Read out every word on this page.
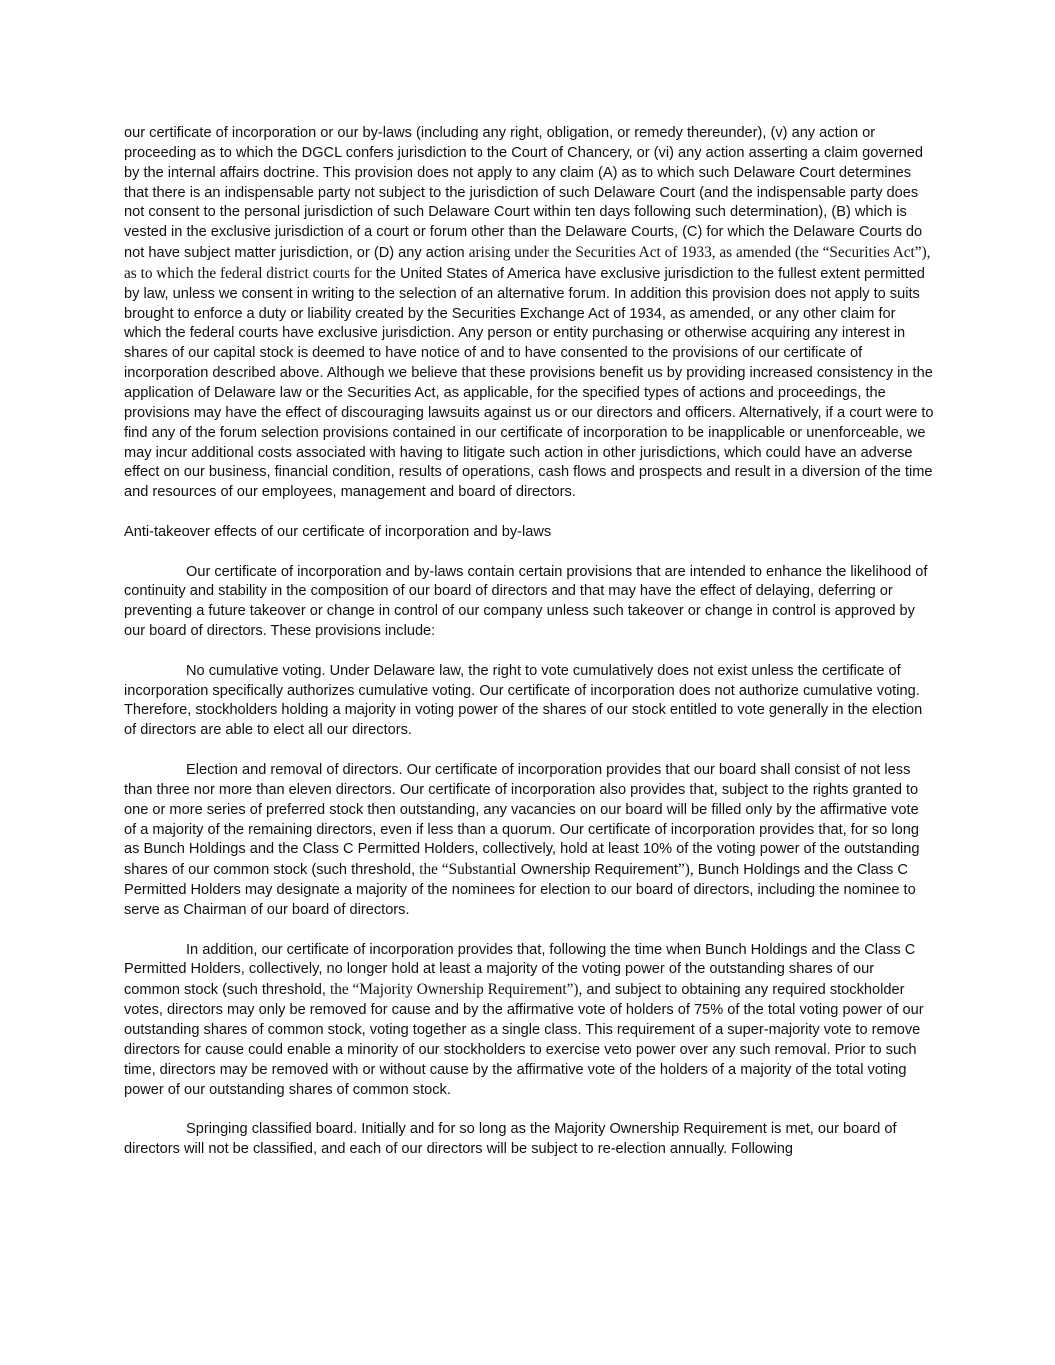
our certificate of incorporation or our by-laws (including any right, obligation, or remedy thereunder), (v) any action or proceeding as to which the DGCL confers jurisdiction to the Court of Chancery, or (vi) any action asserting a claim governed by the internal affairs doctrine. This provision does not apply to any claim (A) as to which such Delaware Court determines that there is an indispensable party not subject to the jurisdiction of such Delaware Court (and the indispensable party does not consent to the personal jurisdiction of such Delaware Court within ten days following such determination), (B) which is vested in the exclusive jurisdiction of a court or forum other than the Delaware Courts, (C) for which the Delaware Courts do not have subject matter jurisdiction, or (D) any action arising under the Securities Act of 1933, as amended (the “Securities Act”), as to which the federal district courts for the United States of America have exclusive jurisdiction to the fullest extent permitted by law, unless we consent in writing to the selection of an alternative forum. In addition this provision does not apply to suits brought to enforce a duty or liability created by the Securities Exchange Act of 1934, as amended, or any other claim for which the federal courts have exclusive jurisdiction. Any person or entity purchasing or otherwise acquiring any interest in shares of our capital stock is deemed to have notice of and to have consented to the provisions of our certificate of incorporation described above. Although we believe that these provisions benefit us by providing increased consistency in the application of Delaware law or the Securities Act, as applicable, for the specified types of actions and proceedings, the provisions may have the effect of discouraging lawsuits against us or our directors and officers. Alternatively, if a court were to find any of the forum selection provisions contained in our certificate of incorporation to be inapplicable or unenforceable, we may incur additional costs associated with having to litigate such action in other jurisdictions, which could have an adverse effect on our business, financial condition, results of operations, cash flows and prospects and result in a diversion of the time and resources of our employees, management and board of directors.

Anti-takeover effects of our certificate of incorporation and by-laws

Our certificate of incorporation and by-laws contain certain provisions that are intended to enhance the likelihood of continuity and stability in the composition of our board of directors and that may have the effect of delaying, deferring or preventing a future takeover or change in control of our company unless such takeover or change in control is approved by our board of directors. These provisions include:

No cumulative voting. Under Delaware law, the right to vote cumulatively does not exist unless the certificate of incorporation specifically authorizes cumulative voting. Our certificate of incorporation does not authorize cumulative voting. Therefore, stockholders holding a majority in voting power of the shares of our stock entitled to vote generally in the election of directors are able to elect all our directors.

Election and removal of directors. Our certificate of incorporation provides that our board shall consist of not less than three nor more than eleven directors. Our certificate of incorporation also provides that, subject to the rights granted to one or more series of preferred stock then outstanding, any vacancies on our board will be filled only by the affirmative vote of a majority of the remaining directors, even if less than a quorum. Our certificate of incorporation provides that, for so long as Bunch Holdings and the Class C Permitted Holders, collectively, hold at least 10% of the voting power of the outstanding shares of our common stock (such threshold, the “Substantial Ownership Requirement”), Bunch Holdings and the Class C Permitted Holders may designate a majority of the nominees for election to our board of directors, including the nominee to serve as Chairman of our board of directors.

In addition, our certificate of incorporation provides that, following the time when Bunch Holdings and the Class C Permitted Holders, collectively, no longer hold at least a majority of the voting power of the outstanding shares of our common stock (such threshold, the “Majority Ownership Requirement”), and subject to obtaining any required stockholder votes, directors may only be removed for cause and by the affirmative vote of holders of 75% of the total voting power of our outstanding shares of common stock, voting together as a single class. This requirement of a super-majority vote to remove directors for cause could enable a minority of our stockholders to exercise veto power over any such removal. Prior to such time, directors may be removed with or without cause by the affirmative vote of the holders of a majority of the total voting power of our outstanding shares of common stock.

Springing classified board. Initially and for so long as the Majority Ownership Requirement is met, our board of directors will not be classified, and each of our directors will be subject to re-election annually. Following
